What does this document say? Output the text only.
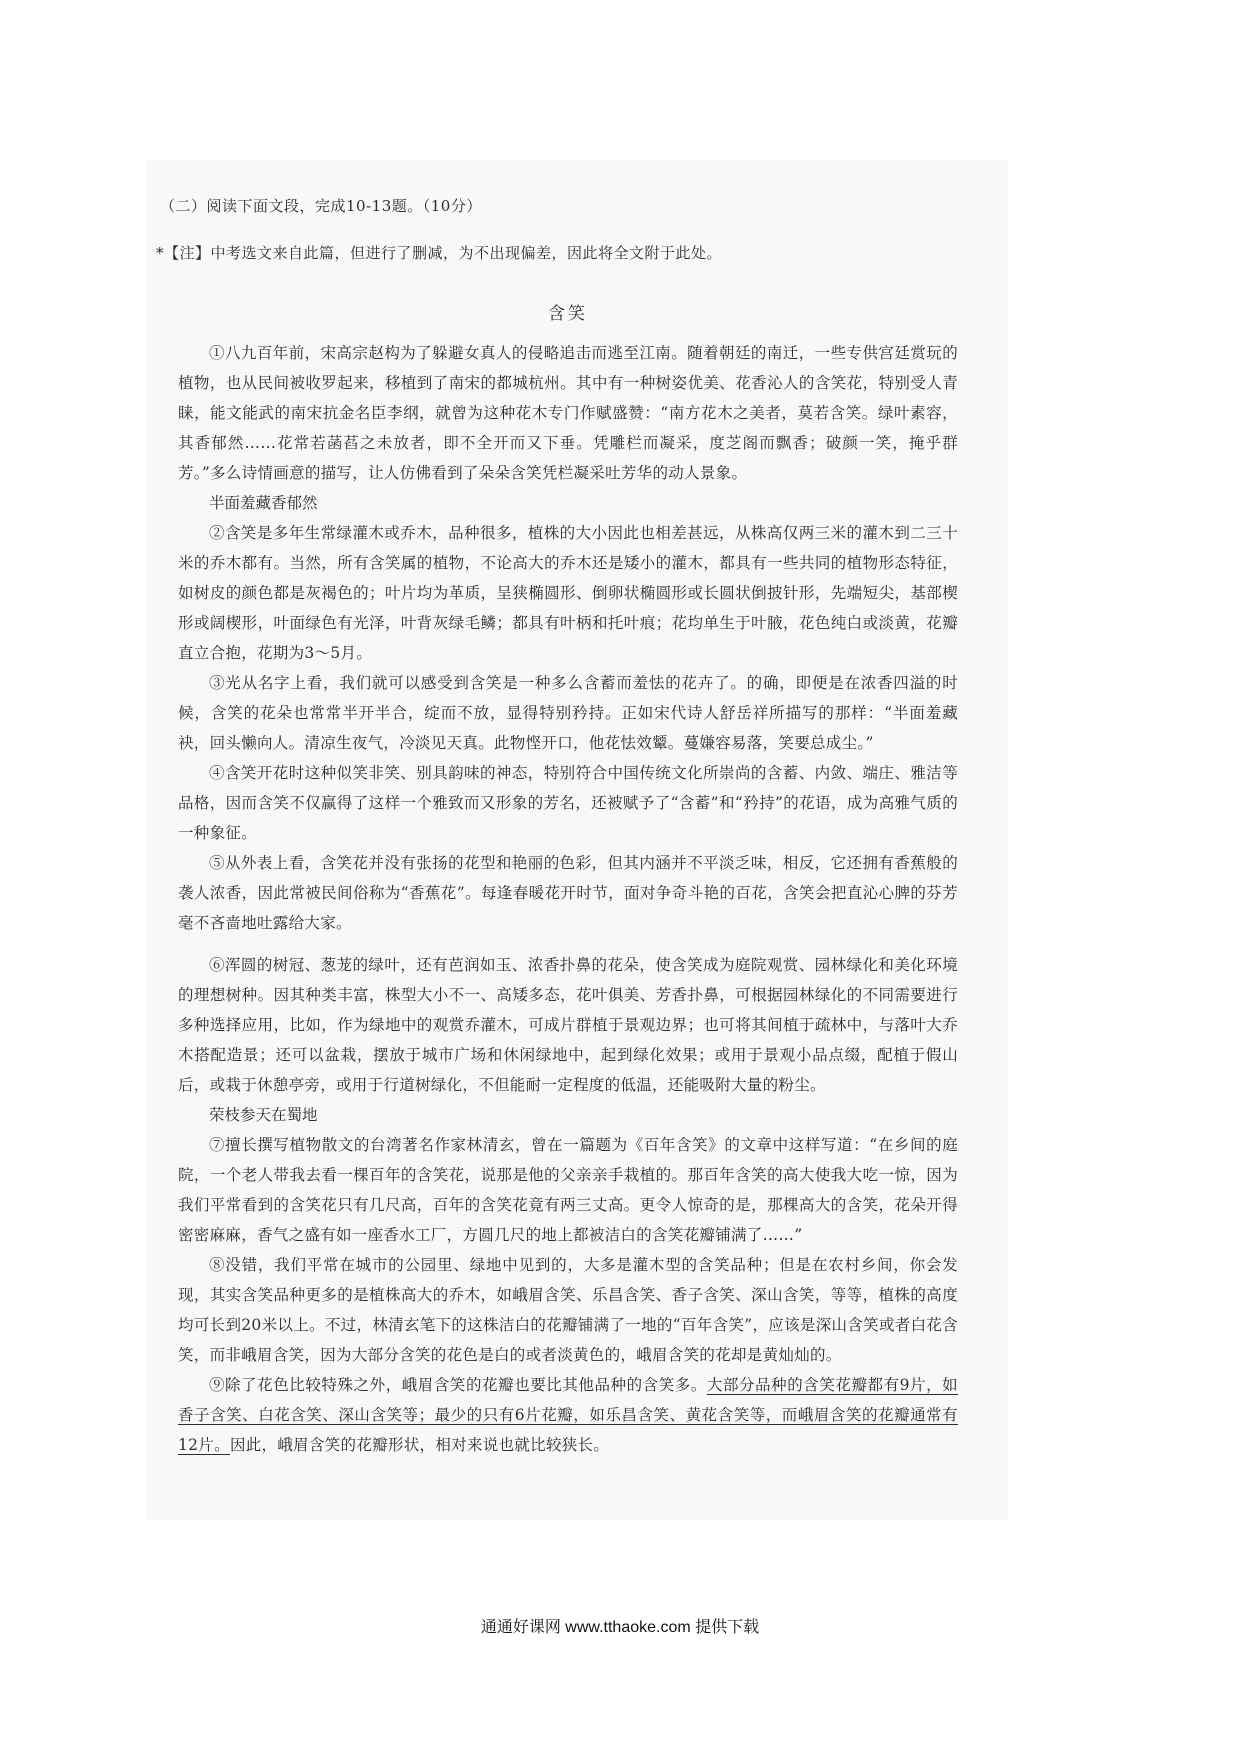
（二）阅读下面文段，完成10-13题。（10分）
*【注】中考选文来自此篇，但进行了删减，为不出现偏差，因此将全文附于此处。
含笑

①八九百年前，宋高宗赵构为了躲避女真人的侵略追击而逃至江南。随着朝廷的南迁，一些专供宫廷赏玩的植物，也从民间被收罗起来，移植到了南宋的都城杭州。其中有一种树姿优美、花香沁人的含笑花，特别受人青睐，能文能武的南宋抗金名臣李纲，就曾为这种花木专门作赋盛赞：“南方花木之美者，莫若含笑。绿叶素容，其香郁然……花常若菡萏之未放者，即不全开而又下垂。凭雕栏而凝采，度芝阁而飘香；破颜一笑，掩乎群芳。”多么诗情画意的描写，让人仿佛看到了朵朵含笑凭栏凝采吐芳华的动人景象。

半面羞藏香郁然

②含笑是多年生常绿灌木或乔木，品种很多，植株的大小因此也相差甚远，从株高仅两三米的灌木到二三十米的乔木都有。当然，所有含笑属的植物，不论高大的乔木还是矮小的灌木，都具有一些共同的植物形态特征，如树皮的颜色都是灰褐色的；叶片均为革质，呈狭椭圆形、倒卵状椭圆形或长圆状倒披针形，先端短尖，基部楔形或阔楔形，叶面绿色有光泽，叶背灰绿毛鳞；都具有叶柄和托叶痕；花均单生于叶腋，花色纯白或淡黄，花瓣直立合抱，花期为3～5月。

③光从名字上看，我们就可以感受到含笑是一种多么含蓄而羞怯的花卉了。的确，即便是在浓香四溢的时候，含笑的花朵也常常半开半合，绽而不放，显得特别矜持。正如宋代诗人舒岳祥所描写的那样：“半面羞藏袂，回头懒向人。清凉生夜气，冷淡见天真。此物悭开口，他花怯效颦。蔓嫌容易落，笑要总成尘。”

④含笑开花时这种似笑非笑、别具韵味的神态，特别符合中国传统文化所崇尚的含蓄、内敛、端庄、雅洁等品格，因而含笑不仅赢得了这样一个雅致而又形象的芳名，还被赋予了“含蓄”和“矜持”的花语，成为高雅气质的一种象征。

⑤从外表上看，含笑花并没有张扬的花型和艳丽的色彩，但其内涵并不平淡乏味，相反，它还拥有香蕉般的袭人浓香，因此常被民间俗称为“香蕉花”。每逢春暖花开时节，面对争奇斗艳的百花，含笑会把直沁心脾的芬芳毫不吝啬地吐露给大家。

⑥浑圆的树冠、葱茏的绿叶，还有芭润如玉、浓香扑鼻的花朵，使含笑成为庭院观赏、园林绿化和美化环境的理想树种。因其种类丰富，株型大小不一、高矮多态，花叶俱美、芳香扑鼻，可根据园林绿化的不同需要进行多种选择应用，比如，作为绿地中的观赏乔灌木，可成片群植于景观边界；也可将其间植于疏林中，与落叶大乔木搭配造景；还可以盆栽，摆放于城市广场和休闲绿地中，起到绿化效果；或用于景观小品点缀，配植于假山后，或栽于休憩亭旁，或用于行道树绿化，不但能耐一定程度的低温，还能吸附大量的粉尘。

荣枝参天在蜀地

⑦擅长撰写植物散文的台湾著名作家林清玄，曾在一篇题为《百年含笑》的文章中这样写道：“在乡间的庭院，一个老人带我去看一棵百年的含笑花，说那是他的父亲亲手栽植的。那百年含笑的高大使我大吃一惊，因为我们平常看到的含笑花只有几尺高，百年的含笑花竟有两三丈高。更令人惊奇的是，那棵高大的含笑，花朵开得密密麻麻，香气之盛有如一座香水工厂，方圆几尺的地上都被洁白的含笑花瓣铺满了……”

⑧没错，我们平常在城市的公园里、绿地中见到的，大多是灌木型的含笑品种；但是在农村乡间，你会发现，其实含笑品种更多的是植株高大的乔木，如峨眉含笑、乐昌含笑、香子含笑、深山含笑，等等，植株的高度均可长到20米以上。不过，林清玄笔下的这株洁白的花瓣铺满了一地的“百年含笑”，应该是深山含笑或者白花含笑，而非峨眉含笑，因为大部分含笑的花色是白的或者淡黄色的，峨眉含笑的花却是黄灿灿的。

⑨除了花色比较特殊之外，峨眉含笑的花瓣也要比其他品种的含笑多。大部分品种的含笑花瓣都有9片，如香子含笑、白花含笑、深山含笑等；最少的只有6片花瓣，如乐昌含笑、黄花含笑等，而峨眉含笑的花瓣通常有12片。因此，峨眉含笑的花瓣形状，相对来说也就比较狭长。

通通好课网 www.tthaoke.com 提供下载
